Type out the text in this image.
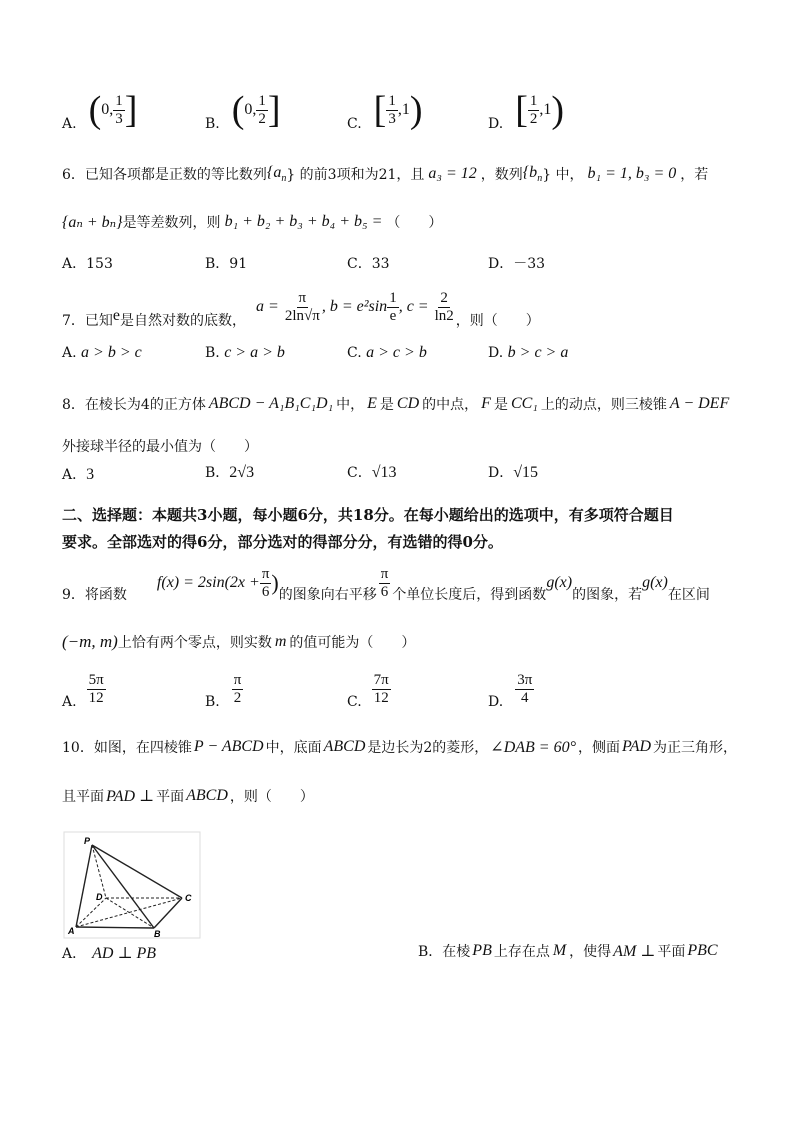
A. ( 0 , $\frac{1}{3}$ ]	B. ( 0 , $\frac{1}{2}$ ]	C. [ $\frac{1}{3} ,1$ )	D. [ $\frac{1}{2} ,1$ )
6．已知各项都是正数的等比数列 {$a_n$ } 的前3项和为21，且 a₃ = 12 ，数列 {$b_n$ } 中， b₁ = 1, b₃ = 0 ，若
{aₙ + bₙ} 是等差数列，则 b₁ + b₂ + b₃ + b₄ + b₅ = （　　）
A．153	B．91	C．33	D．－33
7．已知 e 是自然对数的底数，
$a = \frac{\pi}{2\ln√\pi}$ , $b = e^2\sin \frac{1}{e}$ , $c = \frac{2}{\ln 2}$ ，则（　　）
A. a > b > c	B. c > a > b	C. a > c > b	D. b > c > a
8．在棱长为4的正方体 ABCD − A₁B₁C₁D₁ 中， E 是 CD 的中点， F 是 CC₁ 上的动点，则三棱锥 A − DEF
外接球半径的最小值为（　　）
A．3	B．2√3	C．√13	D．√15
二、选择题：本题共3小题，每小题6分，共18分。在每小题给出的选项中，有多项符合题目
要求。全部选对的得6分，部分选对的得部分分，有选错的得0分。
9．将函数
$f(x) = 2\sin(2x + \frac{\pi}{6}$ ) 的图象向右平移 $\frac{\pi}{6}$ 个单位长度后，得到函数
g(x)
的图象，若
g(x)
在区间
(−m, m) 上恰有两个零点，则实数 m 的值可能为（　　）
A. $\frac{5\pi}{12}$	B. $\frac{\pi}{2}$	C. $\frac{7\pi}{12}$	D. $\frac{3\pi}{4}$
10．如图，在四棱锥 P − ABCD 中，底面 ABCD 是边长为2的菱形， ∠DAB = 60° ，侧面 PAD 为正三角形，
且平面 PAD ⊥ 平面 ABCD ，则（　　）
P
D	C
A	B
A． AD ⊥ PB	B． 在棱 PB 上存在点 M ，使得 AM ⊥ 平面 PBC
